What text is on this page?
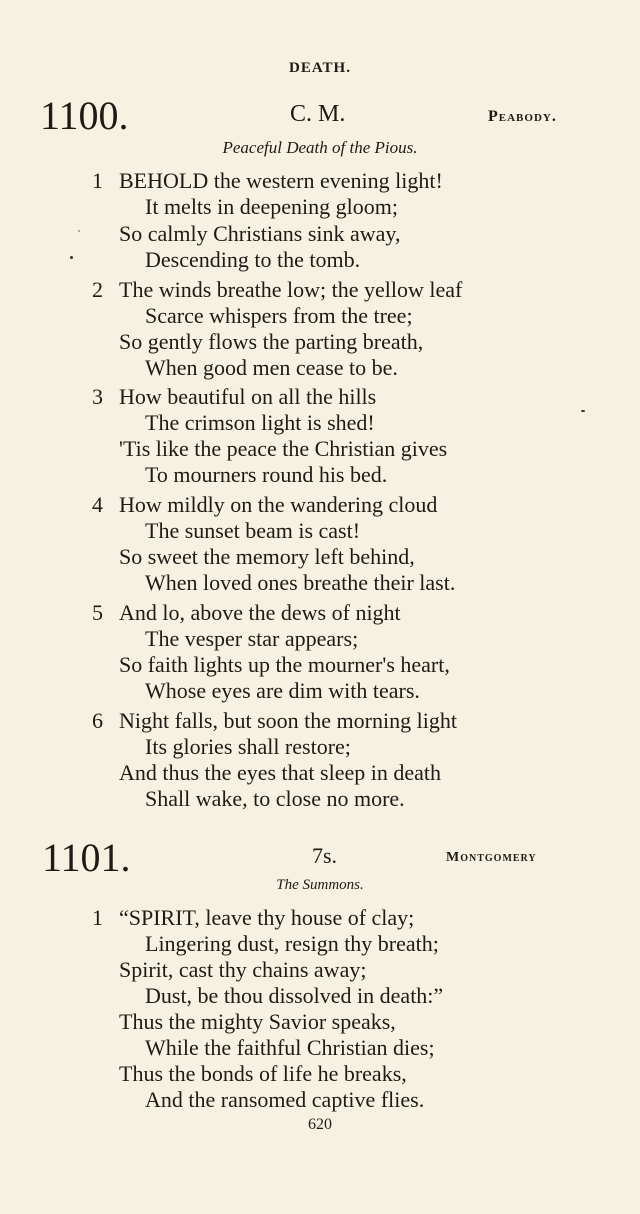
DEATH.
1100.	C. M.	Peabody.
Peaceful Death of the Pious.
1 BEHOLD the western evening light!
It melts in deepening gloom;
So calmly Christians sink away,
Descending to the tomb.
2 The winds breathe low; the yellow leaf
Scarce whispers from the tree;
So gently flows the parting breath,
When good men cease to be.
3 How beautiful on all the hills
The crimson light is shed!
'Tis like the peace the Christian gives
To mourners round his bed.
4 How mildly on the wandering cloud
The sunset beam is cast!
So sweet the memory left behind,
When loved ones breathe their last.
5 And lo, above the dews of night
The vesper star appears;
So faith lights up the mourner's heart,
Whose eyes are dim with tears.
6 Night falls, but soon the morning light
Its glories shall restore;
And thus the eyes that sleep in death
Shall wake, to close no more.
1101.	7s.	Montgomery
The Summons.
1 “SPIRIT, leave thy house of clay;
Lingering dust, resign thy breath;
Spirit, cast thy chains away;
Dust, be thou dissolved in death:”
Thus the mighty Savior speaks,
While the faithful Christian dies;
Thus the bonds of life he breaks,
And the ransomed captive flies.
620
